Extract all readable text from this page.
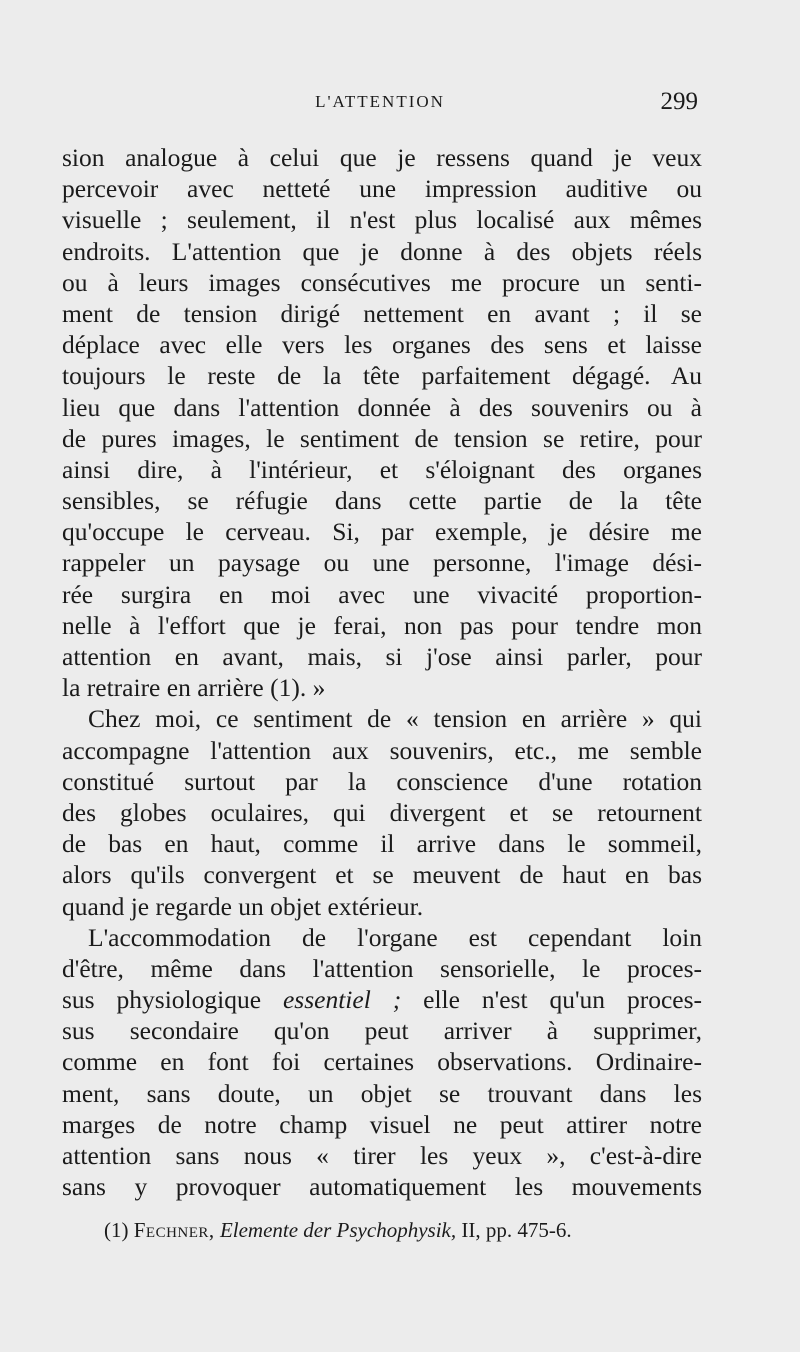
L'ATTENTION	299
sion analogue à celui que je ressens quand je veux
percevoir avec netteté une impression auditive ou
visuelle ; seulement, il n'est plus localisé aux mêmes
endroits. L'attention que je donne à des objets réels
ou à leurs images consécutives me procure un senti-
ment de tension dirigé nettement en avant ; il se
déplace avec elle vers les organes des sens et laisse
toujours le reste de la tête parfaitement dégagé. Au
lieu que dans l'attention donnée à des souvenirs ou à
de pures images, le sentiment de tension se retire, pour
ainsi dire, à l'intérieur, et s'éloignant des organes
sensibles, se réfugie dans cette partie de la tête
qu'occupe le cerveau. Si, par exemple, je désire me
rappeler un paysage ou une personne, l'image dési-
rée surgira en moi avec une vivacité proportion-
nelle à l'effort que je ferai, non pas pour tendre mon
attention en avant, mais, si j'ose ainsi parler, pour
la retraire en arrière (1). »
Chez moi, ce sentiment de « tension en arrière » qui
accompagne l'attention aux souvenirs, etc., me semble
constitué surtout par la conscience d'une rotation
des globes oculaires, qui divergent et se retournent
de bas en haut, comme il arrive dans le sommeil,
alors qu'ils convergent et se meuvent de haut en bas
quand je regarde un objet extérieur.
L'accommodation de l'organe est cependant loin
d'être, même dans l'attention sensorielle, le proces-
sus physiologique essentiel ; elle n'est qu'un proces-
sus secondaire qu'on peut arriver à supprimer,
comme en font foi certaines observations. Ordinaire-
ment, sans doute, un objet se trouvant dans les
marges de notre champ visuel ne peut attirer notre
attention sans nous « tirer les yeux », c'est-à-dire
sans y provoquer automatiquement les mouvements
(1) Fechner, Elemente der Psychophysik, II, pp. 475-6.
